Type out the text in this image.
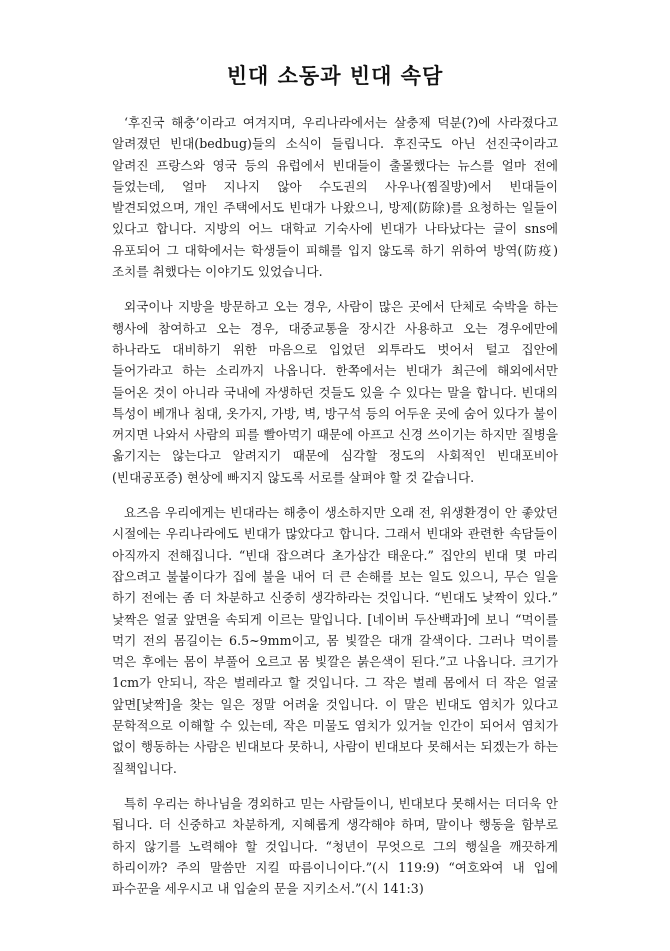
빈대 소동과 빈대 속담

‘후진국 해충’이라고 여겨지며, 우리나라에서는 살충제 덕분(?)에 사라졌다고 알려졌던 빈대(bedbug)들의 소식이 들립니다. 후진국도 아닌 선진국이라고 알려진 프랑스와 영국 등의 유럽에서 빈대들이 출몰했다는 뉴스를 얼마 전에 들었는데, 얼마 지나지 않아 수도권의 사우나(찜질방)에서 빈대들이 발견되었으며, 개인 주택에서도 빈대가 나왔으니, 방제(防除)를 요청하는 일들이 있다고 합니다. 지방의 어느 대학교 기숙사에 빈대가 나타났다는 글이 sns에 유포되어 그 대학에서는 학생들이 피해를 입지 않도록 하기 위하여 방역(防疫) 조치를 취했다는 이야기도 있었습니다.

외국이나 지방을 방문하고 오는 경우, 사람이 많은 곳에서 단체로 숙박을 하는 행사에 참여하고 오는 경우, 대중교통을 장시간 사용하고 오는 경우에만에 하나라도 대비하기 위한 마음으로 입었던 외투라도 벗어서 털고 집안에 들어가라고 하는 소리까지 나옵니다. 한쪽에서는 빈대가 최근에 해외에서만 들어온 것이 아니라 국내에 자생하던 것들도 있을 수 있다는 말을 합니다. 빈대의 특성이 베개나 침대, 옷가지, 가방, 벽, 방구석 등의 어두운 곳에 숨어 있다가 불이 꺼지면 나와서 사람의 피를 빨아먹기 때문에 아프고 신경 쓰이기는 하지만 질병을 옮기지는 않는다고 알려지기 때문에 심각할 정도의 사회적인 빈대포비아(빈대공포증) 현상에 빠지지 않도록 서로를 살펴야 할 것 같습니다.

요즈음 우리에게는 빈대라는 해충이 생소하지만 오래 전, 위생환경이 안 좋았던 시절에는 우리나라에도 빈대가 많았다고 합니다. 그래서 빈대와 관련한 속담들이 아직까지 전해집니다. “빈대 잡으려다 초가삼간 태운다.” 집안의 빈대 몇 마리 잡으려고 불붙이다가 집에 불을 내어 더 큰 손해를 보는 일도 있으니, 무슨 일을 하기 전에는 좀 더 차분하고 신중히 생각하라는 것입니다. “빈대도 낯짝이 있다.” 낯짝은 얼굴 앞면을 속되게 이르는 말입니다. [네이버 두산백과]에 보니 “먹이를 먹기 전의 몸길이는 6.5~9mm이고, 몸 빛깔은 대개 갈색이다. 그러나 먹이를 먹은 후에는 몸이 부풀어 오르고 몸 빛깔은 붉은색이 된다.”고 나옵니다. 크기가 1cm가 안되니, 작은 벌레라고 할 것입니다. 그 작은 벌레 몸에서 더 작은 얼굴 앞면[낯짝]을 찾는 일은 정말 어려울 것입니다. 이 말은 빈대도 염치가 있다고 문학적으로 이해할 수 있는데, 작은 미물도 염치가 있거늘 인간이 되어서 염치가 없이 행동하는 사람은 빈대보다 못하니, 사람이 빈대보다 못해서는 되겠는가 하는 질책입니다.

특히 우리는 하나님을 경외하고 믿는 사람들이니, 빈대보다 못해서는 더더욱 안 됩니다. 더 신중하고 차분하게, 지혜롭게 생각해야 하며, 말이나 행동을 함부로 하지 않기를 노력해야 할 것입니다. “청년이 무엇으로 그의 행실을 깨끗하게 하리이까? 주의 말씀만 지킬 따름이니이다.”(시 119:9) “여호와여 내 입에 파수꾼을 세우시고 내 입술의 문을 지키소서.”(시 141:3)
